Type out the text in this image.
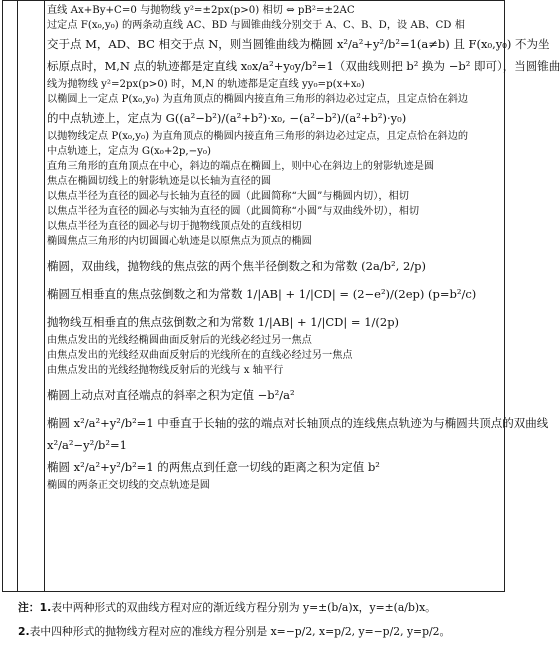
直线 Ax+By+C=0 与抛物线 y²=±2px(p>0) 相切 ⇔ pB²=±2AC
过定点 F(x₀,y₀) 的两条动直线 AC、BD 与圆锥曲线分别交于 A、C、B、D，设 AB、CD 相
交于点 M，AD、BC 相交于点 N，则当圆锥曲线为椭圆 x²/a²+y²/b²=1(a≠b) 且 F(x₀,y₀) 不为坐
标原点时，M,N 点的轨迹都是定直线 x₀x/a²+y₀y/b²=1（双曲线则把 b² 换为 −b² 即可），当圆锥曲
线为抛物线 y²=2px(p>0) 时，M,N 的轨迹都是定直线 yy₀=p(x+x₀)
以椭圆上一定点 P(x₀,y₀) 为直角顶点的椭圆内接直角三角形的斜边必过定点，且定点恰在斜边
的中点轨迹上，定点为 G((a²−b²)/(a²+b²)·x₀, −(a²−b²)/(a²+b²)·y₀)
以抛物线定点 P(x₀,y₀) 为直角顶点的椭圆内接直角三角形的斜边必过定点，且定点恰在斜边的
中点轨迹上，定点为 G(x₀+2p,−y₀)
直角三角形的直角顶点在中心，斜边的端点在椭圆上，则中心在斜边上的射影轨迹是圆
焦点在椭圆切线上的射影轨迹是以长轴为直径的圆
以焦点半径为直径的圆必与长轴为直径的圆（此圆简称“大圆”与椭圆内切），相切
以焦点半径为直径的圆必与实轴为直径的圆（此圆简称“小圆”与双曲线外切），相切
以焦点半径为直径的圆必与切于抛物线顶点处的直线相切
椭圆焦点三角形的内切圆圆心轨迹是以原焦点为顶点的椭圆
椭圆，双曲线，抛物线的焦点弦的两个焦半径倒数之和为常数 (2a/b², 2/p)
椭圆互相垂直的焦点弦倒数之和为常数 1/|AB| + 1/|CD| = (2−e²)/(2ep) (p=b²/c)
抛物线互相垂直的焦点弦倒数之和为常数 1/|AB| + 1/|CD| = 1/(2p)
由焦点发出的光线经椭圆曲面反射后的光线必经过另一焦点
由焦点发出的光线经双曲面反射后的光线所在的直线必经过另一焦点
由焦点发出的光线经抛物线反射后的光线与 x 轴平行
椭圆上动点对直径端点的斜率之积为定值 −b²/a²
椭圆 x²/a²+y²/b²=1 中垂直于长轴的弦的端点对长轴顶点的连线焦点轨迹为与椭圆共顶点的双曲线
x²/a²−y²/b²=1
椭圆 x²/a²+y²/b²=1 的两焦点到任意一切线的距离之积为定值 b²
椭圆的两条正交切线的交点轨迹是圆
注：1.表中两种形式的双曲线方程对应的渐近线方程分别为 y=±(b/a)x，y=±(a/b)x。
2.表中四种形式的抛物线方程对应的准线方程分别是 x=−p/2, x=p/2, y=−p/2, y=p/2。
